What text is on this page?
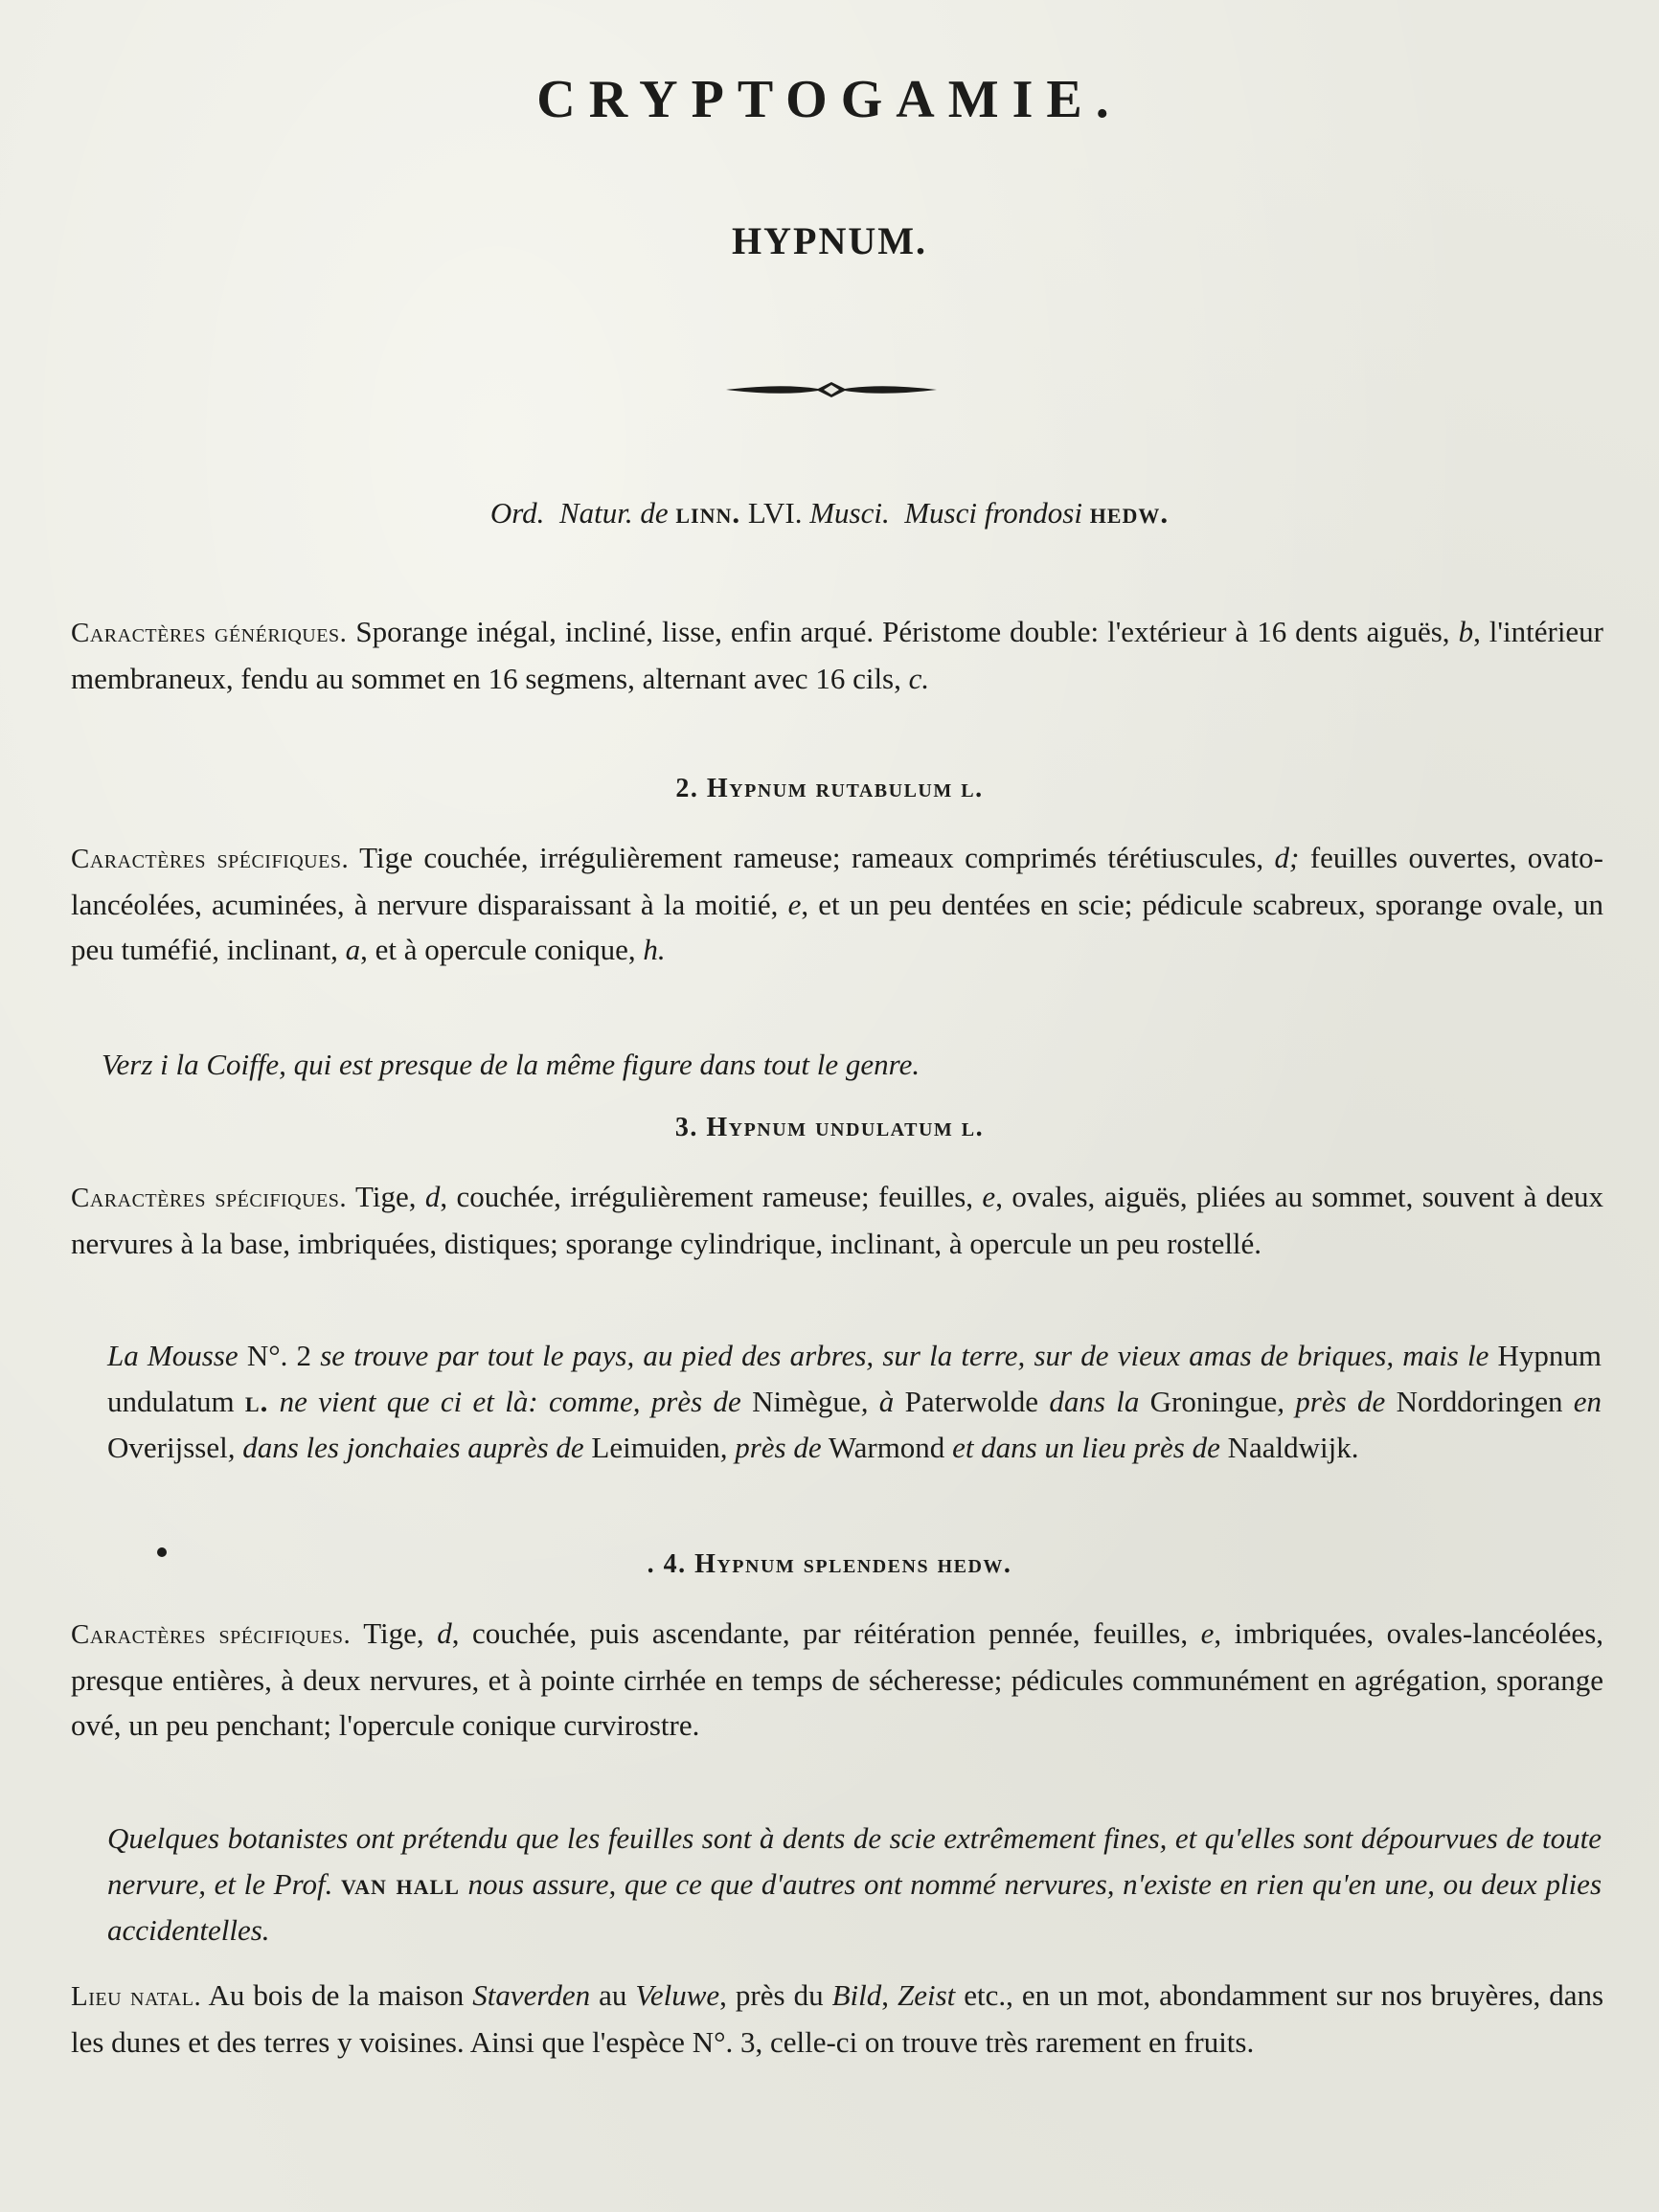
CRYPTOGAMIE.
HYPNUM.
Ord. Natur. de linn. LVI. Musci. Musci frondosi hedw.
Caractères génériques. Sporange inégal, incliné, lisse, enfin arqué. Péristome double: l'extérieur à 16 dents aiguës, b, l'intérieur membraneux, fendu au sommet en 16 segmens, alternant avec 16 cils, c.
2. Hypnum rutabulum l.
Caractères spécifiques. Tige couchée, irrégulièrement rameuse; rameaux comprimés térétiuscules, d; feuilles ouvertes, ovato-lancéolées, acuminées, à nervure disparaissant à la moitié, e, et un peu dentées en scie; pédicule scabreux, sporange ovale, un peu tuméfié, inclinant, a, et à opercule conique, h.
Verz i la Coiffe, qui est presque de la même figure dans tout le genre.
3. Hypnum undulatum l.
Caractères spécifiques. Tige, d, couchée, irrégulièrement rameuse; feuilles, e, ovales, aiguës, pliées au sommet, souvent à deux nervures à la base, imbriquées, distiques; sporange cylindrique, inclinant, à opercule un peu rostellé.
La Mousse N°. 2 se trouve par tout le pays, au pied des arbres, sur la terre, sur de vieux amas de briques, mais le Hypnum undulatum l. ne vient que ci et là: comme, près de Nimègue, à Paterwolde dans la Groningue, près de Norddoringen en Overijssel, dans les jonchaies auprès de Leimuiden, près de Warmond et dans un lieu près de Naaldwijk.
. 4. Hypnum splendens hedw.
Caractères spécifiques. Tige, d, couchée, puis ascendante, par réitération pennée, feuilles, e, imbriquées, ovales-lancéolées, presque entières, à deux nervures, et à pointe cirrhée en temps de sécheresse; pédicules communément en agrégation, sporange ové, un peu penchant; l'opercule conique curvirostre.
Quelques botanistes ont prétendu que les feuilles sont à dents de scie extrêmement fines, et qu'elles sont dépourvues de toute nervure, et le Prof. van hall nous assure, que ce que d'autres ont nommé nervures, n'existe en rien qu'en une, ou deux plies accidentelles.
Lieu natal. Au bois de la maison Staverden au Veluwe, près du Bild, Zeist etc., en un mot, abondamment sur nos bruyères, dans les dunes et des terres y voisines. Ainsi que l'espèce N°. 3, celle-ci on trouve très rarement en fruits.
